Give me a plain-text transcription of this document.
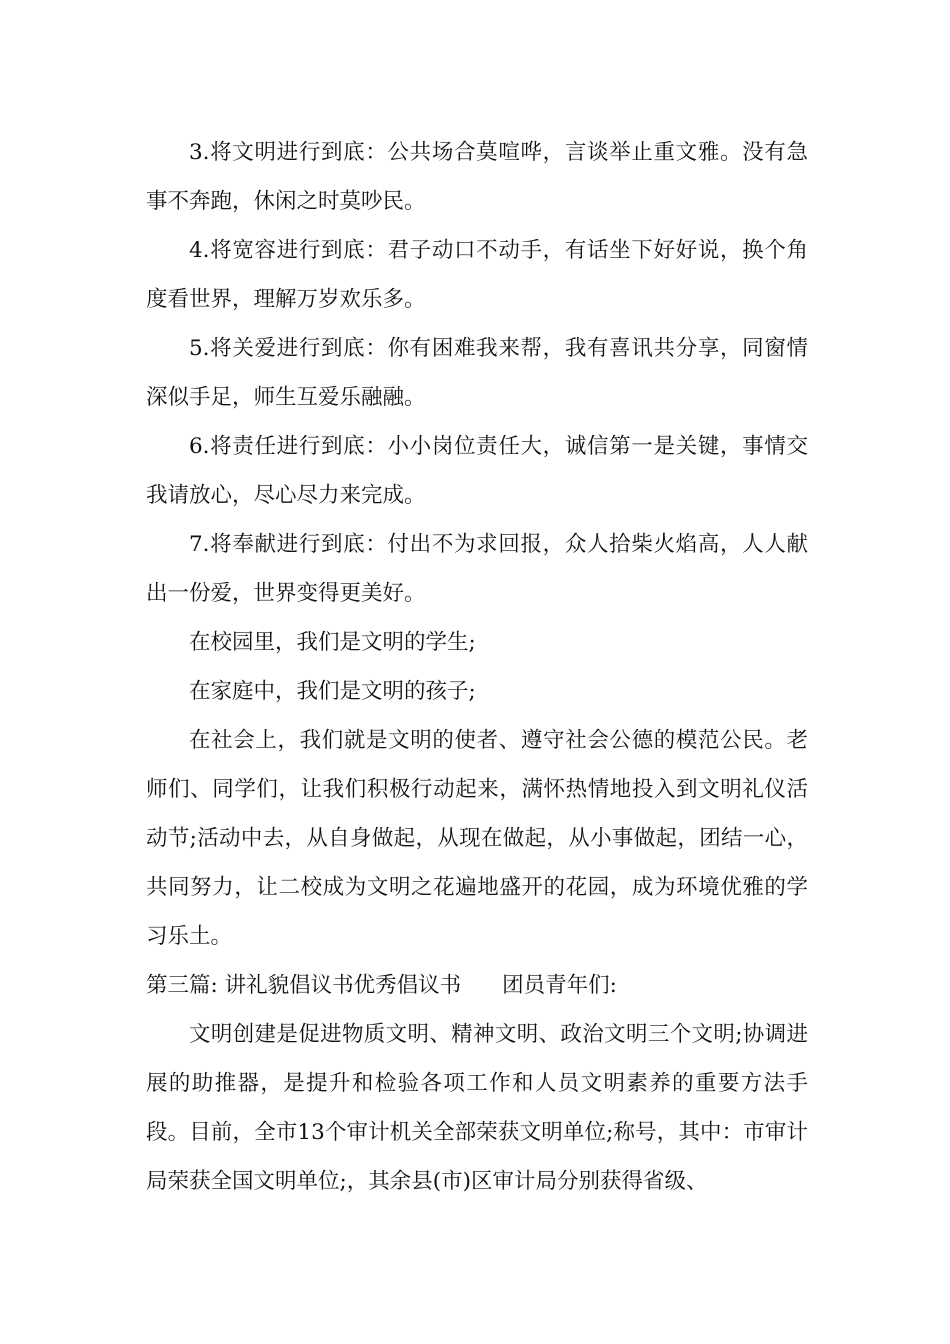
3.将文明进行到底：公共场合莫喧哗，言谈举止重文雅。没有急事不奔跑，休闲之时莫吵民。

4.将宽容进行到底：君子动口不动手，有话坐下好好说，换个角度看世界，理解万岁欢乐多。

5.将关爱进行到底：你有困难我来帮，我有喜讯共分享，同窗情深似手足，师生互爱乐融融。

6.将责任进行到底：小小岗位责任大，诚信第一是关键，事情交我请放心，尽心尽力来完成。

7.将奉献进行到底：付出不为求回报，众人拾柴火焰高，人人献出一份爱，世界变得更美好。

在校园里，我们是文明的学生;

在家庭中，我们是文明的孩子;

在社会上，我们就是文明的使者、遵守社会公德的模范公民。老师们、同学们，让我们积极行动起来，满怀热情地投入到文明礼仪活动节;活动中去，从自身做起，从现在做起，从小事做起，团结一心，共同努力，让二校成为文明之花遍地盛开的花园，成为环境优雅的学习乐土。

第三篇: 讲礼貌倡议书优秀倡议书      团员青年们:

文明创建是促进物质文明、精神文明、政治文明三个文明;协调进展的助推器，是提升和检验各项工作和人员文明素养的重要方法手段。目前，全市13个审计机关全部荣获文明单位;称号，其中：市审计局荣获全国文明单位;，其余县(市)区审计局分别获得省级、
